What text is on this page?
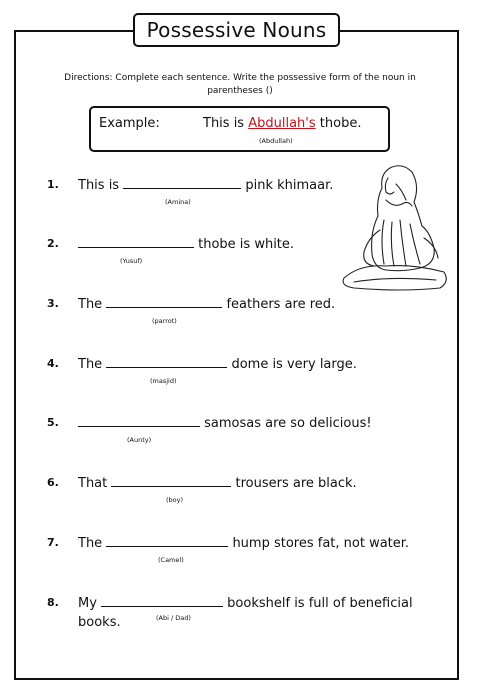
Possessive Nouns
Directions: Complete each sentence. Write the possessive form of the noun in parentheses ()
Example:	This is Abdullah's thobe.
(Abdullah)
1. This is	pink khimaar.
(Amina)
2.	thobe is white.
(Yusuf)
3. The	feathers are red.
(parrot)
4. The	dome is very large.
(masjid)
5.	samosas are so delicious!
(Aunty)
6. That	trousers are black.
(boy)
7. The	hump stores fat, not water.
(Camel)
8. My	bookshelf is full of beneficial
books.	(Abi / Dad)
